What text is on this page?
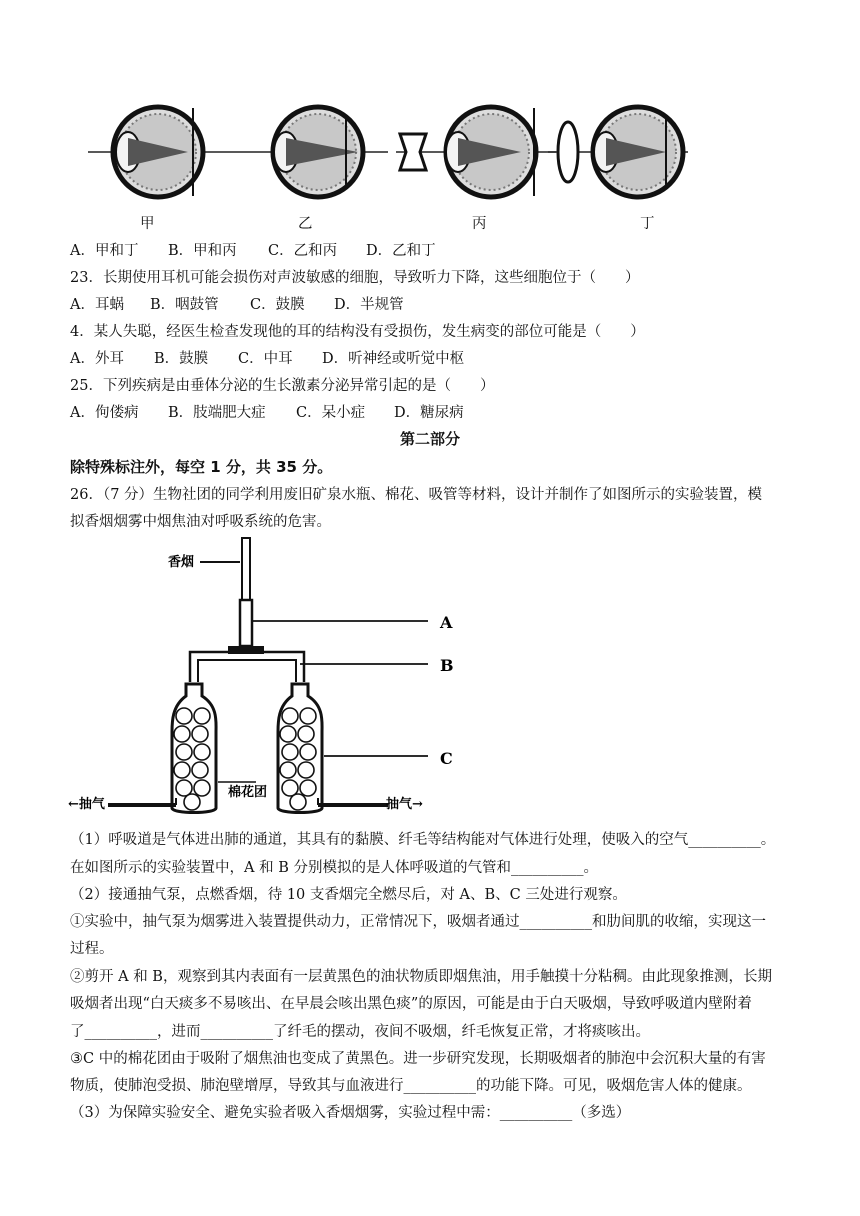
甲	乙	丙	丁
A．甲和丁 B．甲和丙 C．乙和丙 D．乙和丁
23．长期使用耳机可能会损伤对声波敏感的细胞，导致听力下降，这些细胞位于（　　）
A．耳蜗 B．咽鼓管 C．鼓膜 D．半规管
4．某人失聪，经医生检查发现他的耳的结构没有受损伤，发生病变的部位可能是（　　）
A．外耳 B．鼓膜 C．中耳 D．听神经或听觉中枢
25．下列疾病是由垂体分泌的生长激素分泌异常引起的是（　　）
A．佝偻病 B．肢端肥大症 C．呆小症 D．糖尿病
第二部分
除特殊标注外，每空 1 分，共 35 分。
26．（7 分）生物社团的同学利用废旧矿泉水瓶、棉花、吸管等材料，设计并制作了如图所示的实验装置，模
拟香烟烟雾中烟焦油对呼吸系统的危害。
香烟
A
B
C
棉花团
←抽气	抽气→
（1）呼吸道是气体进出肺的通道，其具有的黏膜、纤毛等结构能对气体进行处理，使吸入的空气__________。
在如图所示的实验装置中，A 和 B 分别模拟的是人体呼吸道的气管和__________。
（2）接通抽气泵，点燃香烟，待 10 支香烟完全燃尽后，对 A、B、C 三处进行观察。
①实验中，抽气泵为烟雾进入装置提供动力，正常情况下，吸烟者通过__________和肋间肌的收缩，实现这一
过程。
②剪开 A 和 B，观察到其内表面有一层黄黑色的油状物质即烟焦油，用手触摸十分粘稠。由此现象推测，长期
吸烟者出现“白天痰多不易咳出、在早晨会咳出黑色痰”的原因，可能是由于白天吸烟，导致呼吸道内壁附着
了__________，进而__________了纤毛的摆动，夜间不吸烟，纤毛恢复正常，才将痰咳出。
③C 中的棉花团由于吸附了烟焦油也变成了黄黑色。进一步研究发现，长期吸烟者的肺泡中会沉积大量的有害
物质，使肺泡受损、肺泡壁增厚，导致其与血液进行__________的功能下降。可见，吸烟危害人体的健康。
（3）为保障实验安全、避免实验者吸入香烟烟雾，实验过程中需：__________（多选）
